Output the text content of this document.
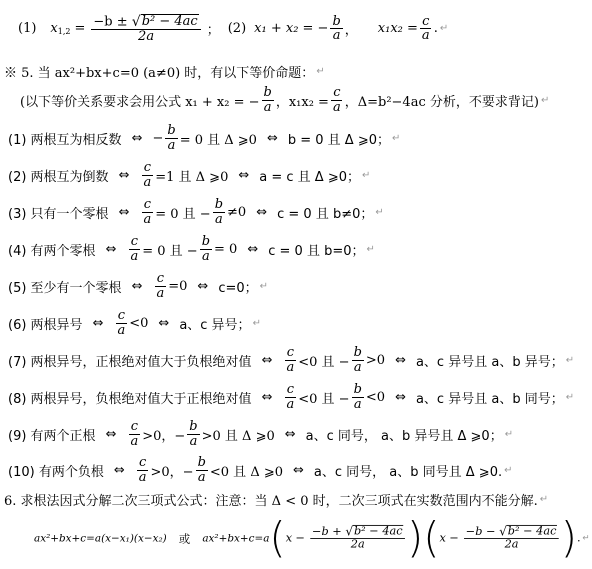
(1) x $1,2 = \frac{\text{−b ± √ b² − 4ac}}{2a}$ ； (2) x₁ + x₂ = − $\frac{b}{a}$ ， $x_1x_2 = \frac{c}{a}$ . ↵
※ 5. 当 ax²+bx+c=0 (a≠0) 时，有以下等价命题： ↵
(以下等价关系要求会用公式 x₁ + x₂ = − $\frac{b}{a}$ ，$x_1x_2 = \frac{c}{a}$ ，Δ=b²−4ac 分析，不要求背记) ↵
(1) 两根互为相反数 ⇔ − $\frac{b}{a} = 0$ 且 Δ ⩾0 ⇔ b = 0 且 Δ ⩾0； ↵
(2) 两根互为倒数 ⇔ $\frac{c}{a} =1$ 且 Δ ⩾0 ⇔ a = c 且 Δ ⩾0； ↵
(3) 只有一个零根 ⇔ $\frac{c}{a} = 0$ 且 − $\frac{b}{a} \ne 0$ ⇔ c = 0 且 b≠0； ↵
(4) 有两个零根 ⇔ $\frac{c}{a} = 0$ 且 − $\frac{b}{a} = 0$ ⇔ c = 0 且 b=0； ↵
(5) 至少有一个零根 ⇔ $\frac{c}{a} =0$ ⇔ c=0； ↵
(6) 两根异号 ⇔ $\frac{c}{a} <0$ ⇔ a、c 异号； ↵
(7) 两根异号，正根绝对值大于负根绝对值 ⇔ $\frac{c}{a} <0$ 且 − $\frac{b}{a} >0$ ⇔ a、c 异号且 a、b 异号； ↵
(8) 两根异号，负根绝对值大于正根绝对值 ⇔ $\frac{c}{a} <0$ 且 − $\frac{b}{a} <0$ ⇔ a、c 异号且 a、b 同号； ↵
(9) 有两个正根 ⇔ $\frac{c}{a} >0$，− $\frac{b}{a} >0$ 且 Δ ⩾0 ⇔ a、c 同号， a、b 异号且 Δ ⩾0； ↵
(10) 有两个负根 ⇔ $\frac{c}{a} >0$，− $\frac{b}{a} <0$ 且 Δ ⩾0 ⇔ a、c 同号， a、b 同号且 Δ ⩾0. ↵
6. 求根法因式分解二次三项式公式：注意：当 Δ < 0 时，二次三项式在实数范围内不能分解. ↵
ax²+bx+c=a(x−x₁)(x−x₂) 或 ax²+bx+c=a ( $x - \frac{\text{−b + √ b² − 4ac}}{2a}$ ) ( $x - \frac{\text{−b − √ b² − 4ac}}{2a}$ ) . ↵
